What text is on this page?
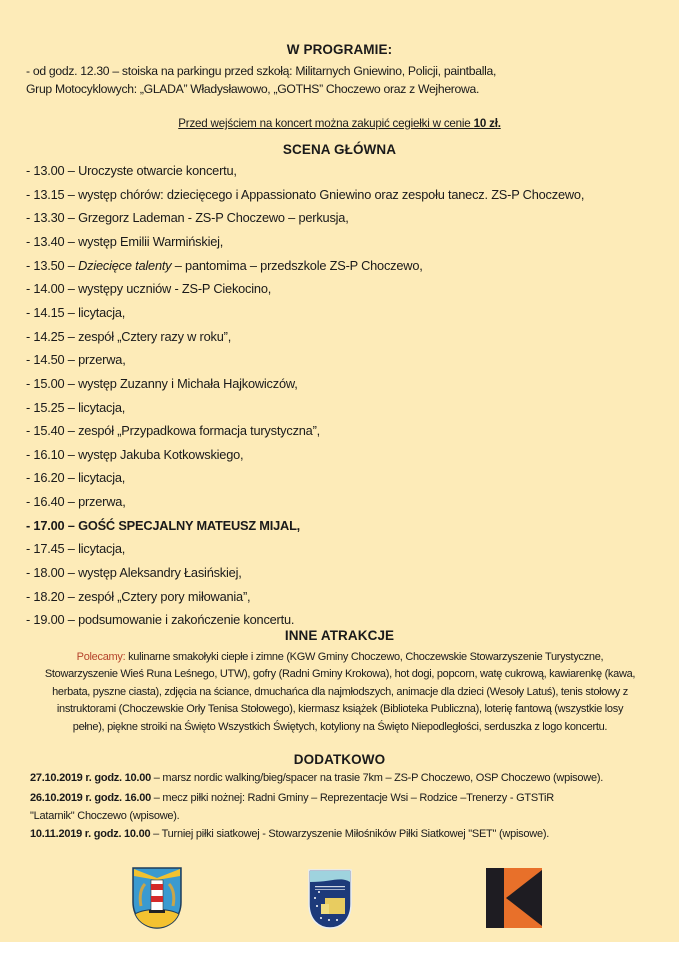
W PROGRAMIE:
- od godz. 12.30 – stoiska na parkingu przed szkołą: Militarnych Gniewino, Policji, paintballa,
Grup Motocyklowych: „GLADA” Władysławowo, „GOTHS” Choczewo oraz z Wejherowa.
Przed wejściem na koncert można zakupić cegiełki w cenie 10 zł.
SCENA GŁÓWNA
- 13.00 – Uroczyste otwarcie koncertu,
- 13.15 – występ chórów: dziecięcego i Appassionato Gniewino oraz zespołu tanecz. ZS-P Choczewo,
- 13.30 – Grzegorz Lademan - ZS-P Choczewo – perkusja,
- 13.40 – występ Emilii Warmińskiej,
- 13.50 – Dziecięce talenty – pantomima – przedszkole ZS-P Choczewo,
- 14.00 – występy uczniów - ZS-P Ciekocino,
- 14.15 – licytacja,
- 14.25 – zespół „Cztery razy w roku”,
- 14.50 – przerwa,
- 15.00 – występ Zuzanny i Michała Hajkowiczów,
- 15.25 – licytacja,
- 15.40 – zespół „Przypadkowa formacja turystyczna”,
- 16.10 – występ Jakuba Kotkowskiego,
- 16.20 – licytacja,
- 16.40 – przerwa,
- 17.00 – GOŚĆ SPECJALNY MATEUSZ MIJAL,
- 17.45 – licytacja,
- 18.00 – występ Aleksandry Łasińskiej,
- 18.20 – zespół „Cztery pory miłowania”,
- 19.00 – podsumowanie i zakończenie koncertu.
INNE ATRAKCJE
Polecamy: kulinarne smakołyki ciepłe i zimne (KGW Gminy Choczewo, Choczewskie Stowarzyszenie Turystyczne, Stowarzyszenie Wieś Runa Leśnego, UTW), gofry (Radni Gminy Krokowa), hot dogi, popcorn, watę cukrową, kawiarenkę (kawa, herbata, pyszne ciasta), zdjęcia na ściance, dmuchańca dla najmłodszych, animacje dla dzieci (Wesoły Latuś), tenis stołowy z instruktorami (Choczewskie Orły Tenisa Stołowego), kiermasz książek (Biblioteka Publiczna), loterię fantową (wszystkie losy pełne), piękne stroiki na Święto Wszystkich Świętych, kotyliony na Święto Niepodległości, serduszka z logo koncertu.
DODATKOWO
27.10.2019 r. godz. 10.00 – marsz nordic walking/bieg/spacer na trasie 7km – ZS-P Choczewo, OSP Choczewo (wpisowe).
26.10.2019 r. godz. 16.00 – mecz piłki nożnej: Radni Gminy – Reprezentacje Wsi – Rodzice –Trenerzy - GTSTiR
"Latarnik" Choczewo (wpisowe).
10.11.2019 r. godz. 10.00 – Turniej piłki siatkowej - Stowarzyszenie Miłośników Piłki Siatkowej "SET" (wpisowe).
